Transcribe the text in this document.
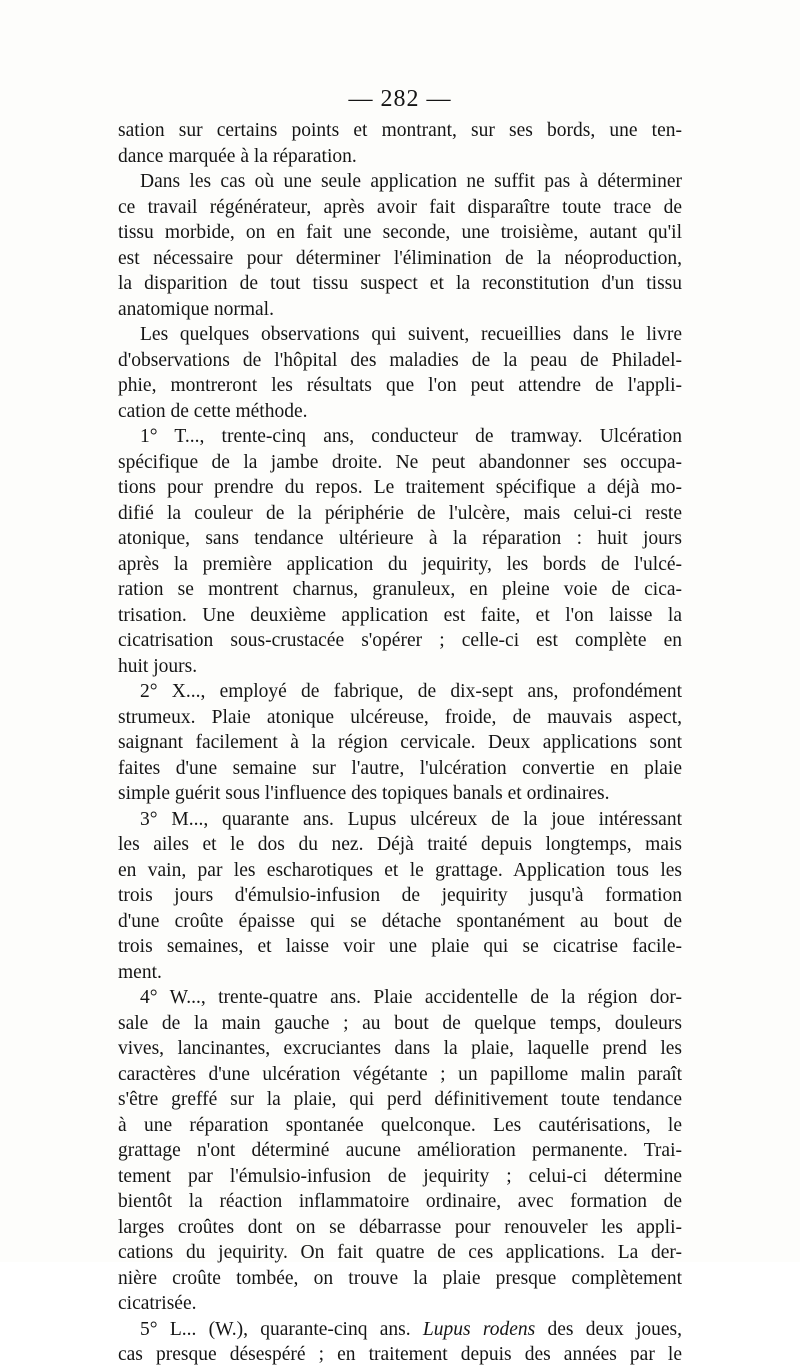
— 282 —
sation sur certains points et montrant, sur ses bords, une ten-
dance marquée à la réparation.
Dans les cas où une seule application ne suffit pas à déterminer
ce travail régénérateur, après avoir fait disparaître toute trace de
tissu morbide, on en fait une seconde, une troisième, autant qu'il
est nécessaire pour déterminer l'élimination de la néoproduction,
la disparition de tout tissu suspect et la reconstitution d'un tissu
anatomique normal.
Les quelques observations qui suivent, recueillies dans le livre
d'observations de l'hôpital des maladies de la peau de Philadel-
phie, montreront les résultats que l'on peut attendre de l'appli-
cation de cette méthode.
1° T..., trente-cinq ans, conducteur de tramway. Ulcération
spécifique de la jambe droite. Ne peut abandonner ses occupa-
tions pour prendre du repos. Le traitement spécifique a déjà mo-
difié la couleur de la périphérie de l'ulcère, mais celui-ci reste
atonique, sans tendance ultérieure à la réparation : huit jours
après la première application du jequirity, les bords de l'ulcé-
ration se montrent charnus, granuleux, en pleine voie de cica-
trisation. Une deuxième application est faite, et l'on laisse la
cicatrisation sous-crustacée s'opérer ; celle-ci est complète en
huit jours.
2° X..., employé de fabrique, de dix-sept ans, profondément
strumeux. Plaie atonique ulcéreuse, froide, de mauvais aspect,
saignant facilement à la région cervicale. Deux applications sont
faites d'une semaine sur l'autre, l'ulcération convertie en plaie
simple guérit sous l'influence des topiques banals et ordinaires.
3° M..., quarante ans. Lupus ulcéreux de la joue intéressant
les ailes et le dos du nez. Déjà traité depuis longtemps, mais
en vain, par les escharotiques et le grattage. Application tous les
trois jours d'émulsio-infusion de jequirity jusqu'à formation
d'une croûte épaisse qui se détache spontanément au bout de
trois semaines, et laisse voir une plaie qui se cicatrise facile-
ment.
4° W..., trente-quatre ans. Plaie accidentelle de la région dor-
sale de la main gauche ; au bout de quelque temps, douleurs
vives, lancinantes, excruciantes dans la plaie, laquelle prend les
caractères d'une ulcération végétante ; un papillome malin paraît
s'être greffé sur la plaie, qui perd définitivement toute tendance
à une réparation spontanée quelconque. Les cautérisations, le
grattage n'ont déterminé aucune amélioration permanente. Trai-
tement par l'émulsio-infusion de jequirity ; celui-ci détermine
bientôt la réaction inflammatoire ordinaire, avec formation de
larges croûtes dont on se débarrasse pour renouveler les appli-
cations du jequirity. On fait quatre de ces applications. La der-
nière croûte tombée, on trouve la plaie presque complètement
cicatrisée.
5° L... (W.), quarante-cinq ans. Lupus rodens des deux joues,
cas presque désespéré ; en traitement depuis des années par le
